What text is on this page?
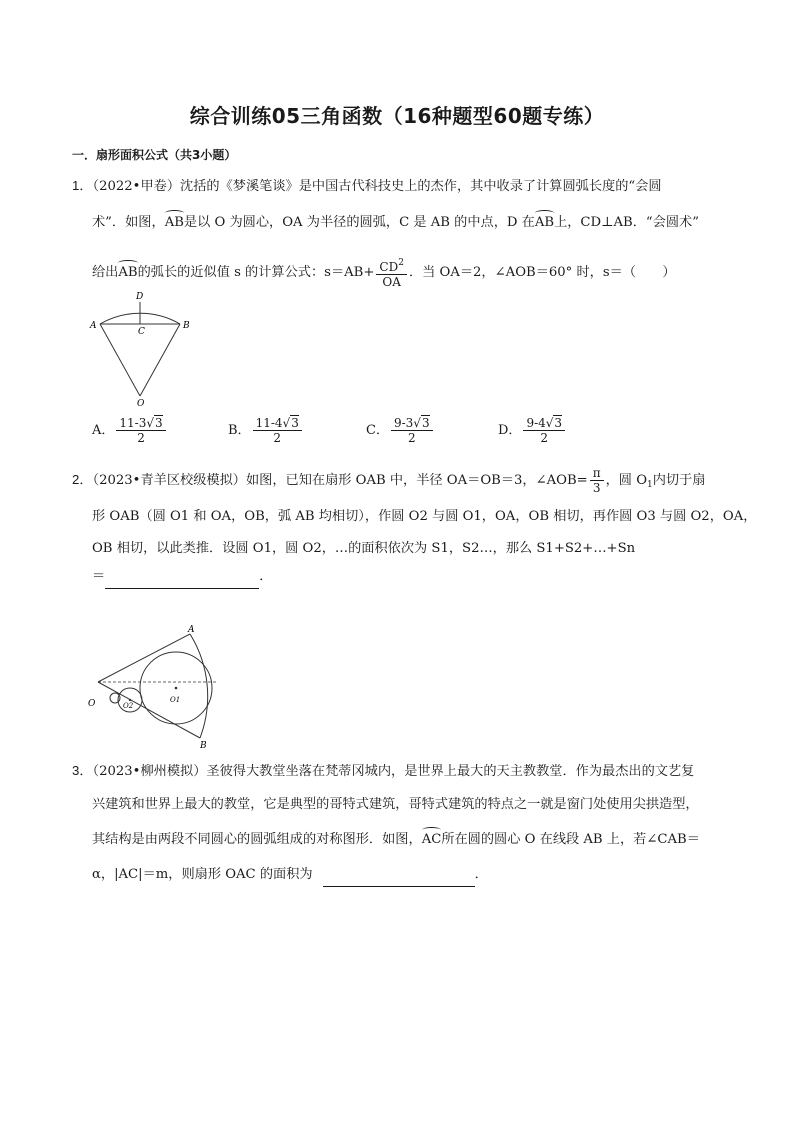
综合训练05三角函数（16种题型60题专练）
一．扇形面积公式（共3小题）
1．（2022•甲卷）沈括的《梦溪笔谈》是中国古代科技史上的杰作，其中收录了计算圆弧长度的“会圆
术”．如图，AB是以 O 为圆心，OA 为半径的圆弧，C 是 AB 的中点，D 在AB上，CD⊥AB．“会圆术”
给出AB的弧长的近似值 s 的计算公式：$s=AB+ \frac{CD^2}{OA}$ ．当 OA＝2，∠AOB＝60° 时，s＝（　　）
D
A	B
C
O
A． $\frac{11-3√3}{2}$	B． $\frac{11-4√3}{2}$	C． $\frac{9-3√3}{2}$	D． $\frac{9-4√3}{2}$
2．（2023•青羊区校级模拟）如图，已知在扇形 OAB 中，半径 OA＝OB＝3，∠AOB= $\frac{\pi}{3}$ ，圆 $O_1$内切于扇
形 OAB（圆 O1 和 OA，OB，弧 AB 均相切），作圆 O2 与圆 O1，OA，OB 相切，再作圆 O3 与圆 O2，OA，
OB 相切，以此类推．设圆 O1，圆 O2，…的面积依次为 S1，S2…，那么 S1+S2+…+Sn
＝	．
A
B
O	O1
O2
3．（2023•柳州模拟）圣彼得大教堂坐落在梵蒂冈城内，是世界上最大的天主教教堂．作为最杰出的文艺复
兴建筑和世界上最大的教堂，它是典型的哥特式建筑，哥特式建筑的特点之一就是窗门处使用尖拱造型，
其结构是由两段不同圆心的圆弧组成的对称图形．如图，AC所在圆的圆心 O 在线段 AB 上，若∠CAB＝
α，|AC|＝m，则扇形 OAC 的面积为	．
